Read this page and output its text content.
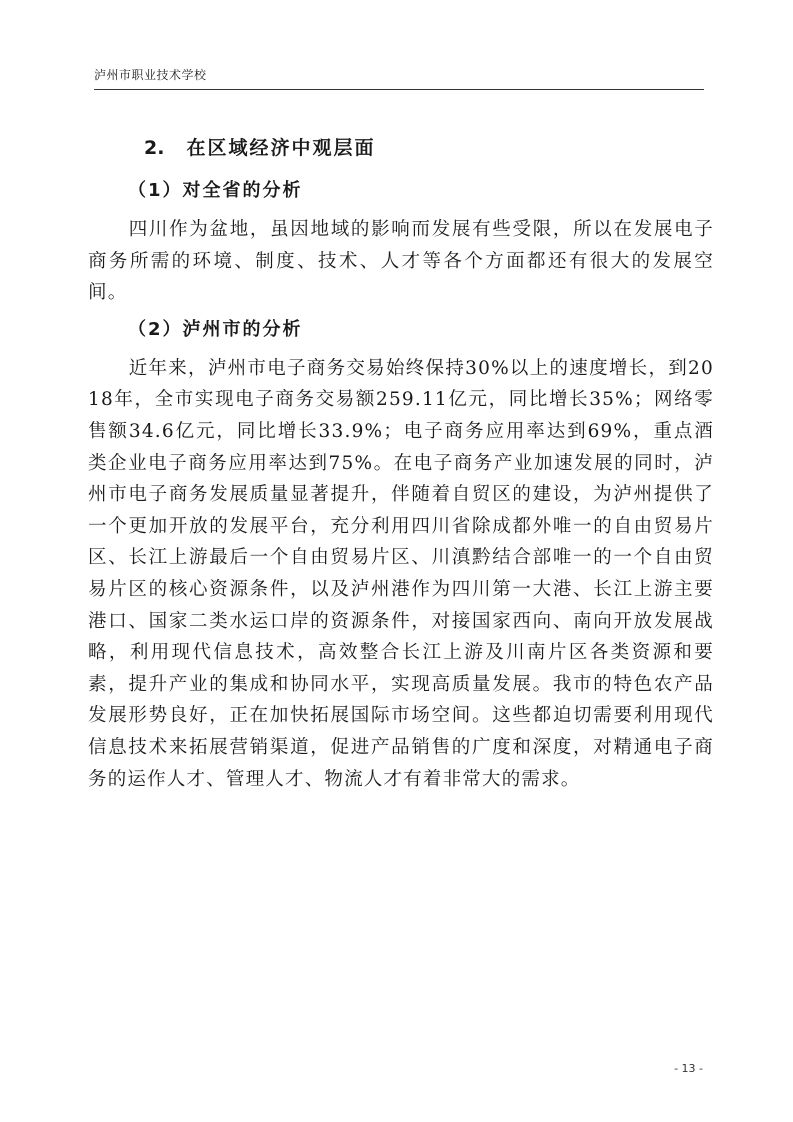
泸州市职业技术学校
2. 在区域经济中观层面
（1）对全省的分析

四川作为盆地，虽因地域的影响而发展有些受限，所以在发展电子商务所需的环境、制度、技术、人才等各个方面都还有很大的发展空间。

（2）泸州市的分析

近年来，泸州市电子商务交易始终保持30%以上的速度增长，到2018年，全市实现电子商务交易额259.11亿元，同比增长35%；网络零售额34.6亿元，同比增长33.9%；电子商务应用率达到69%，重点酒类企业电子商务应用率达到75%。在电子商务产业加速发展的同时，泸州市电子商务发展质量显著提升，伴随着自贸区的建设，为泸州提供了一个更加开放的发展平台，充分利用四川省除成都外唯一的自由贸易片区、长江上游最后一个自由贸易片区、川滇黔结合部唯一的一个自由贸易片区的核心资源条件，以及泸州港作为四川第一大港、长江上游主要港口、国家二类水运口岸的资源条件，对接国家西向、南向开放发展战略，利用现代信息技术，高效整合长江上游及川南片区各类资源和要素，提升产业的集成和协同水平，实现高质量发展。我市的特色农产品发展形势良好，正在加快拓展国际市场空间。这些都迫切需要利用现代信息技术来拓展营销渠道，促进产品销售的广度和深度，对精通电子商务的运作人才、管理人才、物流人才有着非常大的需求。

- 13 -
